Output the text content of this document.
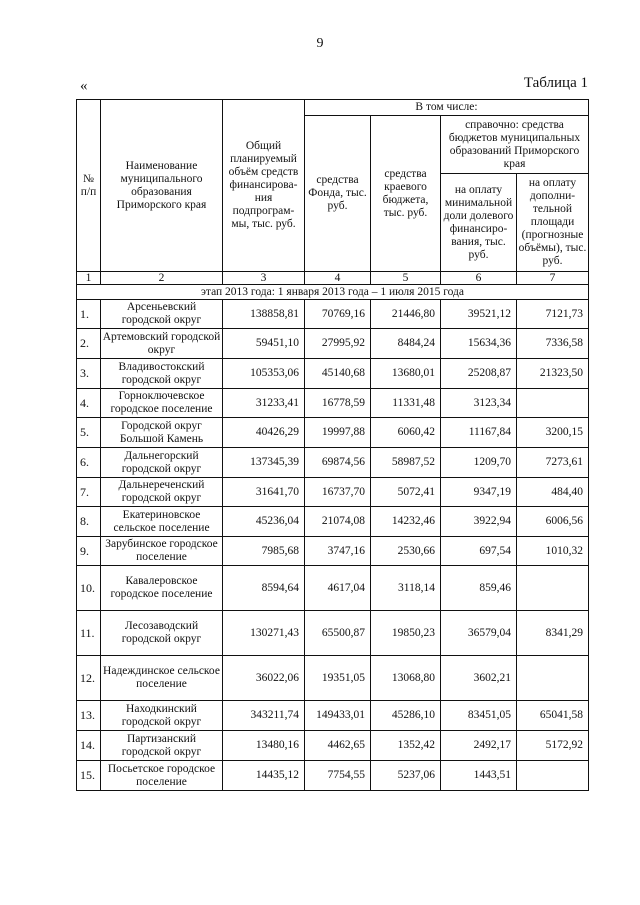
9
«	Таблица 1
№ п/п	Наименование муниципального образования Приморского края	Общий планируемый объём средств финансирова-ния подпрограм-мы, тыс. руб.	В том числе:			
			средства Фонда, тыс. руб.	средства краевого бюджета, тыс. руб.	справочно: средства бюджетов муниципальных образований Приморского края	
					на оплату минимальной доли долевого финансиро-вания, тыс. руб.	на оплату дополни-тельной площади (прогнозные объёмы), тыс. руб.

1	2	3	4	5	6	7
этап 2013 года: 1 января 2013 года – 1 июля 2015 года						
1.	Арсеньевский городской округ	138858,81	70769,16	21446,80	39521,12	7121,73
2.	Артемовский городской округ	59451,10	27995,92	8484,24	15634,36	7336,58
3.	Владивостокский городской округ	105353,06	45140,68	13680,01	25208,87	21323,50
4.	Горноключевское городское поселение	31233,41	16778,59	11331,48	3123,34	
5.	Городской округ Большой Камень	40426,29	19997,88	6060,42	11167,84	3200,15
6.	Дальнегорский городской округ	137345,39	69874,56	58987,52	1209,70	7273,61
7.	Дальнереченский городской округ	31641,70	16737,70	5072,41	9347,19	484,40
8.	Екатериновское сельское поселение	45236,04	21074,08	14232,46	3922,94	6006,56
9.	Зарубинское городское поселение	7985,68	3747,16	2530,66	697,54	1010,32
10.	Кавалеровское городское поселение	8594,64	4617,04	3118,14	859,46	
11.	Лесозаводский городской округ	130271,43	65500,87	19850,23	36579,04	8341,29
12.	Надеждинское сельское поселение	36022,06	19351,05	13068,80	3602,21	
13.	Находкинский городской округ	343211,74	149433,01	45286,10	83451,05	65041,58
14.	Партизанский городской округ	13480,16	4462,65	1352,42	2492,17	5172,92
15.	Посьетское городское поселение	14435,12	7754,55	5237,06	1443,51	
